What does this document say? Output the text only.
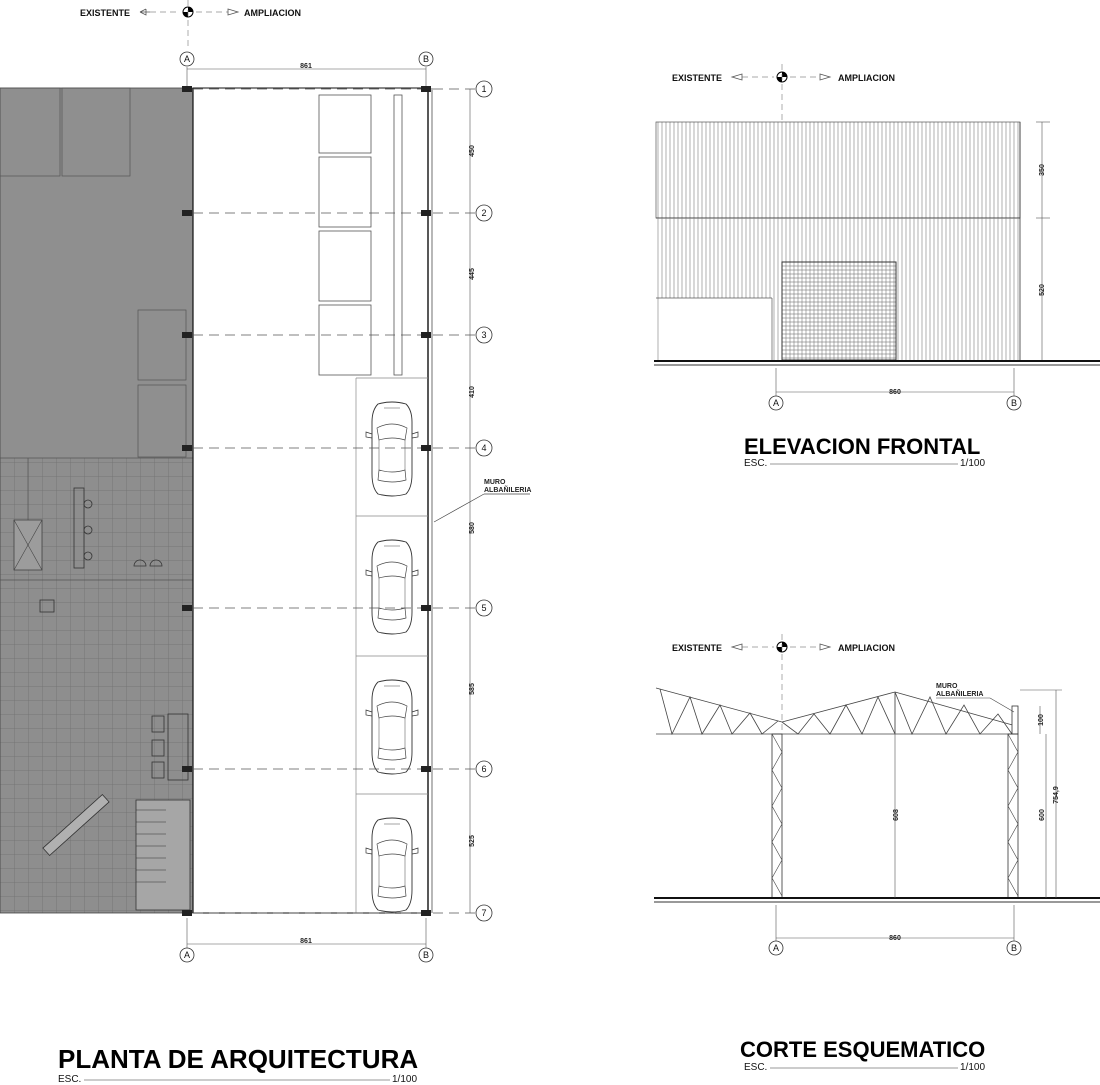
EXISTENTE	AMPLIACION
A	B
861
861
A	B
1
2
3
4
5
6
7
450
445
410
580
585
525
MURO
ALBAÑILERIA
PLANTA DE ARQUITECTURA
ESC.	1/100
EXISTENTE	AMPLIACION
350
520
860
A	B
ELEVACION FRONTAL
ESC.	1/100
EXISTENTE	AMPLIACION
608
100
600
754,9
MURO
ALBAÑILERIA
860
A	B
CORTE ESQUEMATICO
ESC.	1/100
